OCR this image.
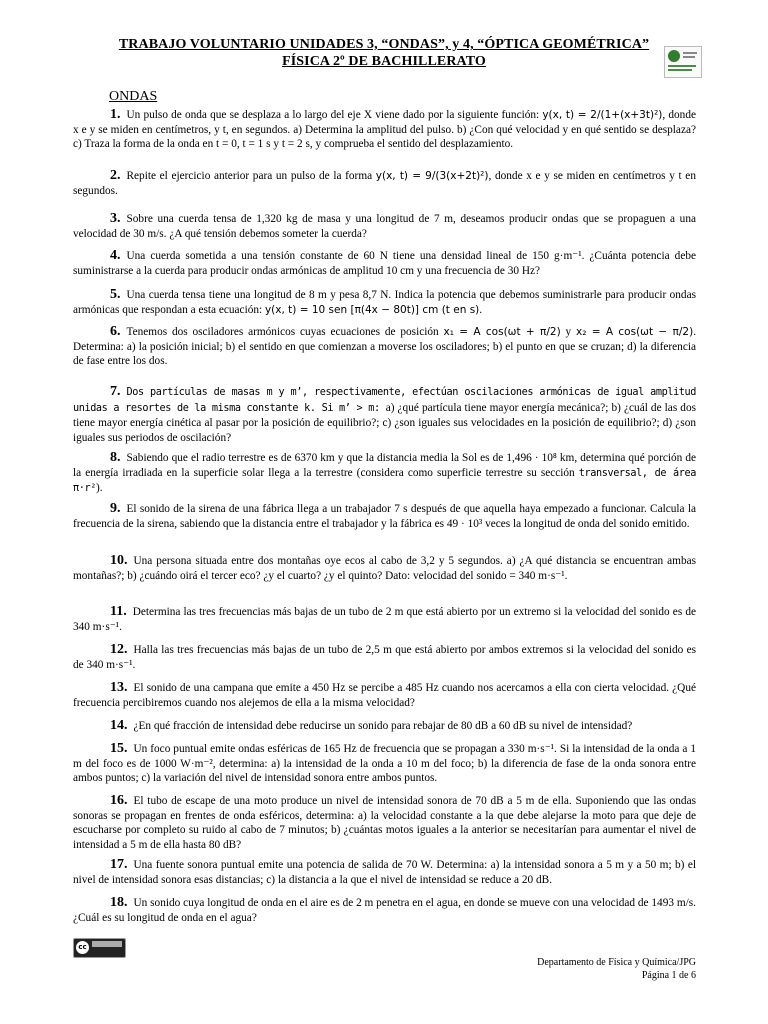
TRABAJO VOLUNTARIO UNIDADES 3, “ONDAS”, y 4, “ÓPTICA GEOMÉTRICA”
FÍSICA 2º DE BACHILLERATO
ONDAS
1. Un pulso de onda que se desplaza a lo largo del eje X viene dado por la siguiente función: y(x, t) = 2/(1+(x+3t)²), donde x e y se miden en centímetros, y t, en segundos. a) Determina la amplitud del pulso. b) ¿Con qué velocidad y en qué sentido se desplaza? c) Traza la forma de la onda en t = 0, t = 1 s y t = 2 s, y comprueba el sentido del desplazamiento.
2. Repite el ejercicio anterior para un pulso de la forma y(x, t) = 9/(3(x+2t)²), donde x e y se miden en centímetros y t en segundos.
3. Sobre una cuerda tensa de 1,320 kg de masa y una longitud de 7 m, deseamos producir ondas que se propaguen a una velocidad de 30 m/s. ¿A qué tensión debemos someter la cuerda?
4. Una cuerda sometida a una tensión constante de 60 N tiene una densidad lineal de 150 g·m⁻¹. ¿Cuánta potencia debe suministrarse a la cuerda para producir ondas armónicas de amplitud 10 cm y una frecuencia de 30 Hz?
5. Una cuerda tensa tiene una longitud de 8 m y pesa 8,7 N. Indica la potencia que debemos suministrarle para producir ondas armónicas que respondan a esta ecuación: y(x, t) = 10 sen [π(4x − 80t)] cm (t en s).
6. Tenemos dos osciladores armónicos cuyas ecuaciones de posición x₁ = A cos(ωt + π/2) y x₂ = A cos(ωt − π/2). Determina: a) la posición inicial; b) el sentido en que comienzan a moverse los osciladores; b) el punto en que se cruzan; d) la diferencia de fase entre los dos.
7. Dos partículas de masas m y m’, respectivamente, efectúan oscilaciones armónicas de igual amplitud unidas a resortes de la misma constante k. Si m’ > m: a) ¿qué partícula tiene mayor energía mecánica?; b) ¿cuál de las dos tiene mayor energía cinética al pasar por la posición de equilibrio?; c) ¿son iguales sus velocidades en la posición de equilibrio?; d) ¿son iguales sus periodos de oscilación?
8. Sabiendo que el radio terrestre es de 6370 km y que la distancia media la Sol es de 1,496 · 10⁸ km, determina qué porción de la energía irradiada en la superficie solar llega a la terrestre (considera como superficie terrestre su sección transversal, de área π·r²).
9. El sonido de la sirena de una fábrica llega a un trabajador 7 s después de que aquella haya empezado a funcionar. Calcula la frecuencia de la sirena, sabiendo que la distancia entre el trabajador y la fábrica es 49 · 10³ veces la longitud de onda del sonido emitido.
10. Una persona situada entre dos montañas oye ecos al cabo de 3,2 y 5 segundos. a) ¿A qué distancia se encuentran ambas montañas?; b) ¿cuándo oirá el tercer eco? ¿y el cuarto? ¿y el quinto? Dato: velocidad del sonido = 340 m·s⁻¹.
11. Determina las tres frecuencias más bajas de un tubo de 2 m que está abierto por un extremo si la velocidad del sonido es de 340 m·s⁻¹.
12. Halla las tres frecuencias más bajas de un tubo de 2,5 m que está abierto por ambos extremos si la velocidad del sonido es de 340 m·s⁻¹.
13. El sonido de una campana que emite a 450 Hz se percibe a 485 Hz cuando nos acercamos a ella con cierta velocidad. ¿Qué frecuencia percibiremos cuando nos alejemos de ella a la misma velocidad?
14. ¿En qué fracción de intensidad debe reducirse un sonido para rebajar de 80 dB a 60 dB su nivel de intensidad?
15. Un foco puntual emite ondas esféricas de 165 Hz de frecuencia que se propagan a 330 m·s⁻¹. Si la intensidad de la onda a 1 m del foco es de 1000 W·m⁻², determina: a) la intensidad de la onda a 10 m del foco; b) la diferencia de fase de la onda sonora entre ambos puntos; c) la variación del nivel de intensidad sonora entre ambos puntos.
16. El tubo de escape de una moto produce un nivel de intensidad sonora de 70 dB a 5 m de ella. Suponiendo que las ondas sonoras se propagan en frentes de onda esféricos, determina: a) la velocidad constante a la que debe alejarse la moto para que deje de escucharse por completo su ruido al cabo de 7 minutos; b) ¿cuántas motos iguales a la anterior se necesitarían para aumentar el nivel de intensidad a 5 m de ella hasta 80 dB?
17. Una fuente sonora puntual emite una potencia de salida de 70 W. Determina: a) la intensidad sonora a 5 m y a 50 m; b) el nivel de intensidad sonora esas distancias; c) la distancia a la que el nivel de intensidad se reduce a 20 dB.
18. Un sonido cuya longitud de onda en el aire es de 2 m penetra en el agua, en donde se mueve con una velocidad de 1493 m/s. ¿Cuál es su longitud de onda en el agua?
cc
Departamento de Física y Química/JPG
Página 1 de 6
